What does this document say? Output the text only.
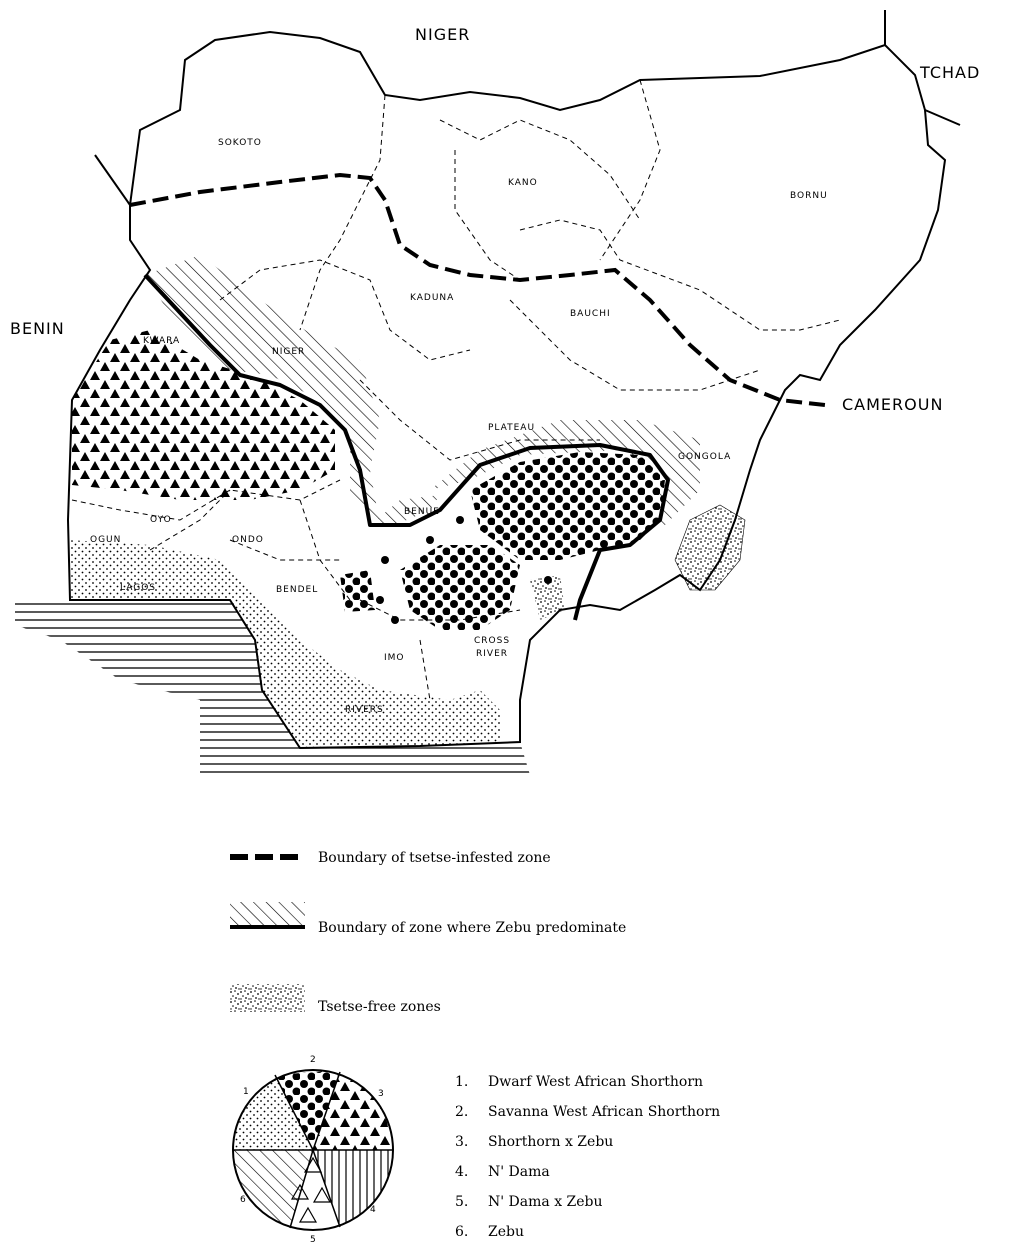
NIGER
TCHAD
BENIN
CAMEROUN
SOKOTO
KANO
BORNU
KADUNA
BAUCHI
KWARA
NIGER
PLATEAU
GONGOLA
BENUE
OYO
OGUN	ONDO
LAGOS	BENDEL
IMO
CROSS
RIVER
RIVERS
Boundary of tsetse-infested zone
Boundary of zone where Zebu predominate
Tsetse-free zones
1
2
3
4
5
6
1. Dwarf West African Shorthorn
2. Savanna West African Shorthorn
3. Shorthorn x Zebu
4. N' Dama
5. N' Dama x Zebu
6. Zebu
